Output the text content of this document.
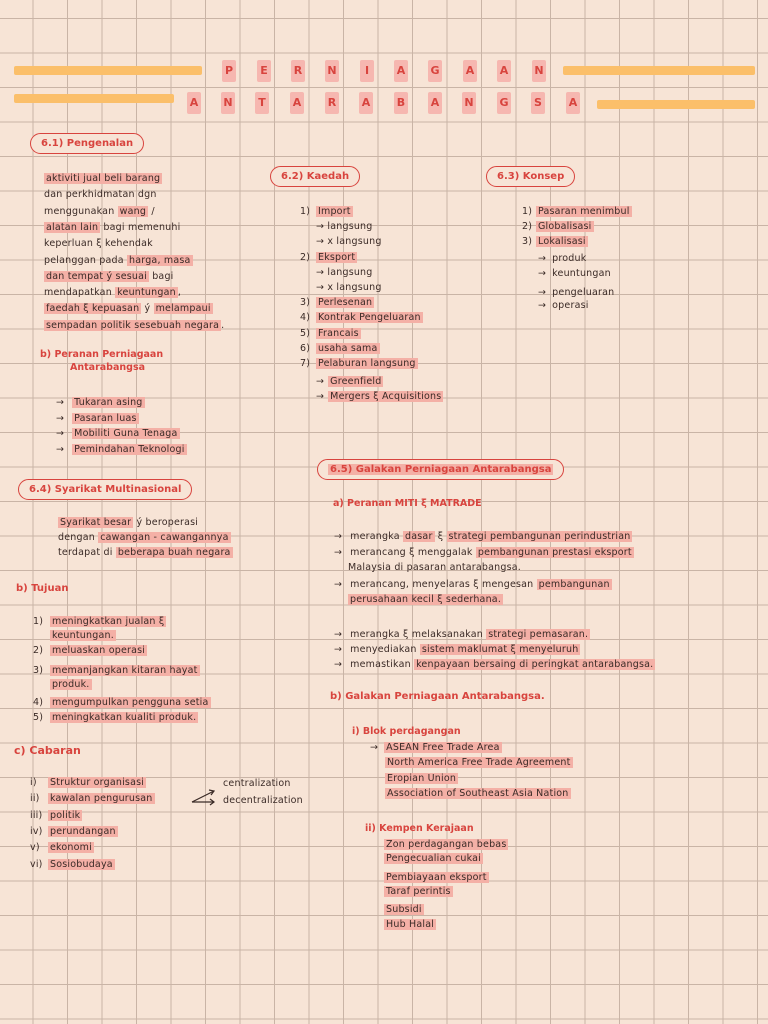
P E R N	I	A G A A N
A N T A R A B A N G S A
6.1) Pengenalan
aktiviti jual beli barang
dan perkhidmatan dgn
menggunakan wang /
alatan lain bagi memenuhi
keperluan ξ kehendak
pelanggan pada harga, masa
dan tempat ý sesuai bagi
mendapatkan keuntungan ,
faedah ξ kepuasan ý melampaui
sempadan politik sesebuah negara .
b) Peranan Perniagaan
Antarabangsa
→ Tukaran asing
→ Pasaran luas
→ Mobiliti Guna Tenaga
→ Pemindahan Teknologi
6.2) Kaedah
1) Import
→ langsung
→ x langsung
2) Eksport
→ langsung
→ x langsung
3) Perlesenan
4) Kontrak Pengeluaran
5) Francais
6) usaha sama
7) Pelaburan langsung
→ Greenfield
→ Mergers ξ Acquisitions
6.3) Konsep
1) Pasaran menimbul
2) Globalisasi
3) Lokalisasi
→ produk
→ keuntungan
→ pengeluaran
→ operasi
6.4) Syarikat Multinasional
Syarikat besar ý beroperasi
dengan cawangan - cawangannya
terdapat di beberapa buah negara
b) Tujuan
1) meningkatkan jualan ξ
keuntungan.
2) meluaskan operasi
3) memanjangkan kitaran hayat
produk.
4) mengumpulkan pengguna setia
5) meningkatkan kualiti produk.
c) Cabaran
i) Struktur organisasi
ii) kawalan pengurusan
iii) politik
iv) perundangan
v) ekonomi
vi) Sosiobudaya
centralization
decentralization
6.5) Galakan Perniagaan Antarabangsa
a) Peranan MITI ξ MATRADE
→ merangka dasar ξ strategi pembangunan perindustrian
→ merancang ξ menggalak pembangunan prestasi eksport
Malaysia di pasaran antarabangsa.
→ merancang, menyelaras ξ mengesan pembangunan
perusahaan kecil ξ sederhana.
→ merangka ξ melaksanakan strategi pemasaran.
→ menyediakan sistem maklumat ξ menyeluruh
→ memastikan kenpayaan bersaing di peringkat antarabangsa.
b) Galakan Perniagaan Antarabangsa.
i) Blok perdagangan
→ ASEAN Free Trade Area
North America Free Trade Agreement
Eropian Union
Association of Southeast Asia Nation
ii) Kempen Kerajaan
Zon perdagangan bebas
Pengecualian cukai
Pembiayaan eksport
Taraf perintis
Subsidi
Hub Halal
